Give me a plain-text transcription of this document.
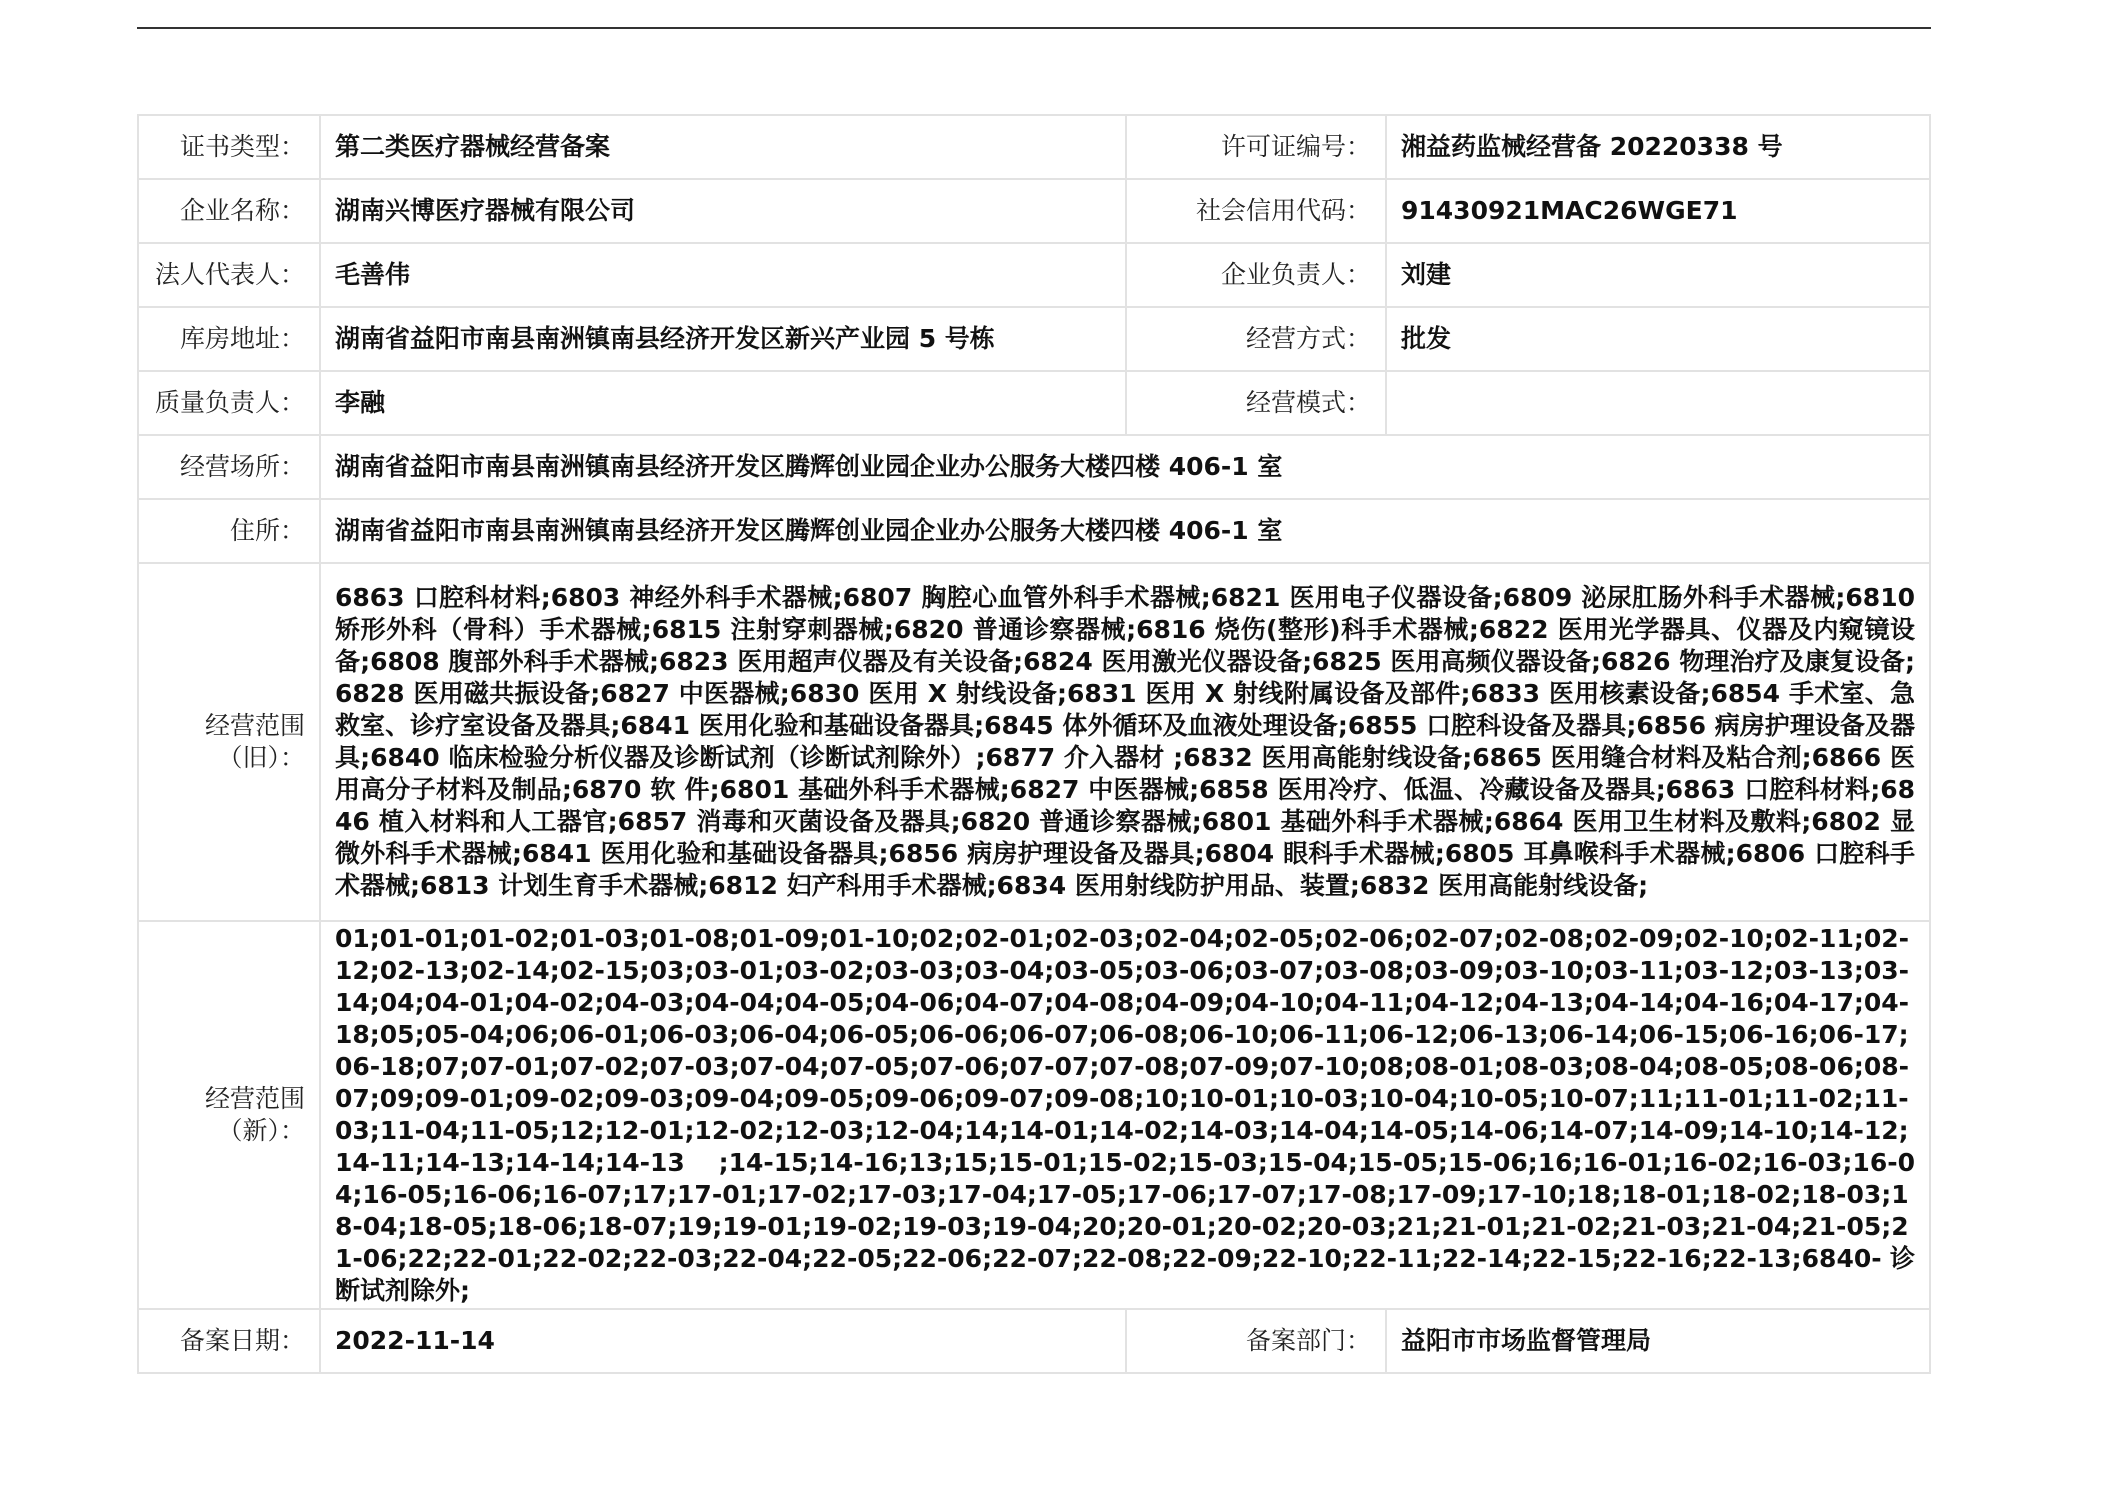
证书类型：	第二类医疗器械经营备案	许可证编号：	湘益药监械经营备 20220338 号
企业名称：	湖南兴博医疗器械有限公司	社会信用代码：	91430921MAC26WGE71
法人代表人：	毛善伟	企业负责人：	刘建
库房地址：	湖南省益阳市南县南洲镇南县经济开发区新兴产业园 5 号栋	经营方式：	批发
质量负责人：	李融	经营模式：	
经营场所：	湖南省益阳市南县南洲镇南县经济开发区腾辉创业园企业办公服务大楼四楼 406-1 室		
住所：	湖南省益阳市南县南洲镇南县经济开发区腾辉创业园企业办公服务大楼四楼 406-1 室		
经营范围（旧）：	6863 口腔科材料;6803 神经外科手术器械;6807 胸腔心血管外科手术器械;6821 医用电子仪器设备;6809 泌尿肛肠外科手术器械;6810 矫形外科（骨科）手术器械;6815 注射穿刺器械;6820 普通诊察器械;6816 烧伤(整形)科手术器械;6822 医用光学器具、仪器及内窥镜设备;6808 腹部外科手术器械;6823 医用超声仪器及有关设备;6824 医用激光仪器设备;6825 医用高频仪器设备;6826 物理治疗及康复设备;6828 医用磁共振设备;6827 中医器械;6830 医用 X 射线设备;6831 医用 X 射线附属设备及部件;6833 医用核素设备;6854 手术室、急救室、诊疗室设备及器具;6841 医用化验和基础设备器具;6845 体外循环及血液处理设备;6855 口腔科设备及器具;6856 病房护理设备及器具;6840 临床检验分析仪器及诊断试剂（诊断试剂除外）;6877 介入器材 ;6832 医用高能射线设备;6865 医用缝合材料及粘合剂;6866 医用高分子材料及制品;6870 软 件;6801 基础外科手术器械;6827 中医器械;6858 医用冷疗、低温、冷藏设备及器具;6863 口腔科材料;6846 植入材料和人工器官;6857 消毒和灭菌设备及器具;6820 普通诊察器械;6801 基础外科手术器械;6864 医用卫生材料及敷料;6802 显微外科手术器械;6841 医用化验和基础设备器具;6856 病房护理设备及器具;6804 眼科手术器械;6805 耳鼻喉科手术器械;6806 口腔科手术器械;6813 计划生育手术器械;6812 妇产科用手术器械;6834 医用射线防护用品、装置;6832 医用高能射线设备;		
经营范围（新）：	01;01-01;01-02;01-03;01-08;01-09;01-10;02;02-01;02-03;02-04;02-05;02-06;02-07;02-08;02-09;02-10;02-11;02-12;02-13;02-14;02-15;03;03-01;03-02;03-03;03-04;03-05;03-06;03-07;03-08;03-09;03-10;03-11;03-12;03-13;03-14;04;04-01;04-02;04-03;04-04;04-05;04-06;04-07;04-08;04-09;04-10;04-11;04-12;04-13;04-14;04-16;04-17;04-18;05;05-04;06;06-01;06-03;06-04;06-05;06-06;06-07;06-08;06-10;06-11;06-12;06-13;06-14;06-15;06-16;06-17;06-18;07;07-01;07-02;07-03;07-04;07-05;07-06;07-07;07-08;07-09;07-10;08;08-01;08-03;08-04;08-05;08-06;08-07;09;09-01;09-02;09-03;09-04;09-05;09-06;09-07;09-08;10;10-01;10-03;10-04;10-05;10-07;11;11-01;11-02;11-03;11-04;11-05;12;12-01;12-02;12-03;12-04;14;14-01;14-02;14-03;14-04;14-05;14-06;14-07;14-09;14-10;14-12;14-11;14-13;14-14;14-13 ;14-15;14-16;13;15;15-01;15-02;15-03;15-04;15-05;15-06;16;16-01;16-02;16-03;16-04;16-05;16-06;16-07;17;17-01;17-02;17-03;17-04;17-05;17-06;17-07;17-08;17-09;17-10;18;18-01;18-02;18-03;18-04;18-05;18-06;18-07;19;19-01;19-02;19-03;19-04;20;20-01;20-02;20-03;21;21-01;21-02;21-03;21-04;21-05;21-06;22;22-01;22-02;22-03;22-04;22-05;22-06;22-07;22-08;22-09;22-10;22-11;22-14;22-15;22-16;22-13;6840-诊断试剂除外;		
备案日期：	2022-11-14	备案部门：	益阳市市场监督管理局
